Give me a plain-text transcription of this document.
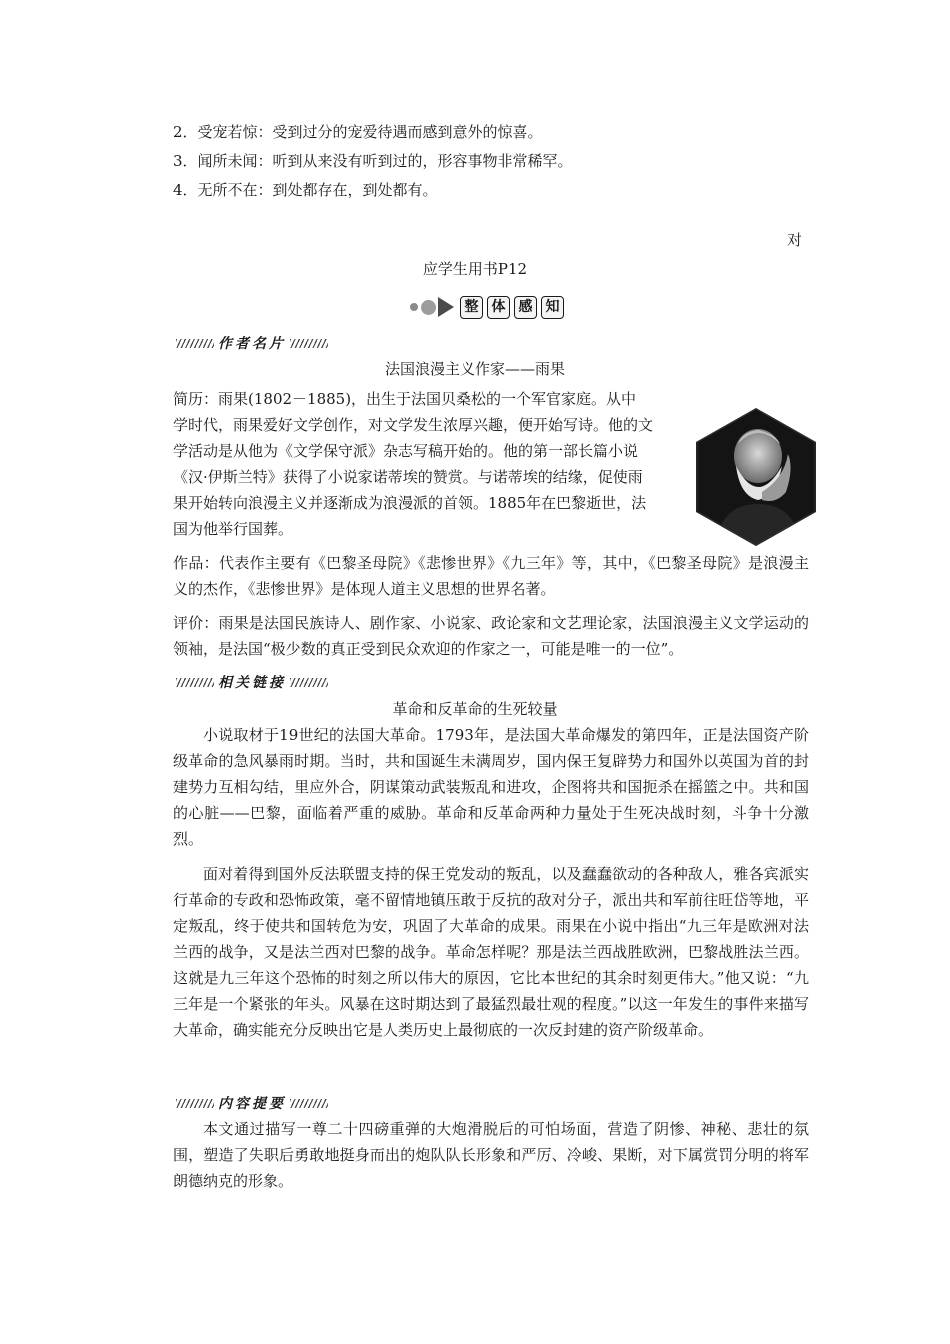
2．受宠若惊：受到过分的宠爱待遇而感到意外的惊喜。
3．闻所未闻：听到从来没有听到过的，形容事物非常稀罕。
4．无所不在：到处都存在，到处都有。
对
应学生用书P12
整 体 感 知
作者名片
法国浪漫主义作家——雨果
简历：雨果(1802－1885)，出生于法国贝桑松的一个军官家庭。从中
学时代，雨果爱好文学创作，对文学发生浓厚兴趣，便开始写诗。他的文
学活动是从他为《文学保守派》杂志写稿开始的。他的第一部长篇小说
《汉·伊斯兰特》获得了小说家诺蒂埃的赞赏。与诺蒂埃的结缘，促使雨
果开始转向浪漫主义并逐渐成为浪漫派的首领。1885年在巴黎逝世，法
国为他举行国葬。
作品：代表作主要有《巴黎圣母院》《悲惨世界》《九三年》等，其中，《巴黎圣母院》是浪漫主义的杰作，《悲惨世界》是体现人道主义思想的世界名著。
评价：雨果是法国民族诗人、剧作家、小说家、政论家和文艺理论家，法国浪漫主义文学运动的领袖，是法国“极少数的真正受到民众欢迎的作家之一，可能是唯一的一位”。
相关链接
革命和反革命的生死较量
小说取材于19世纪的法国大革命。1793年，是法国大革命爆发的第四年，正是法国资产阶级革命的急风暴雨时期。当时，共和国诞生未满周岁，国内保王复辟势力和国外以英国为首的封建势力互相勾结，里应外合，阴谋策动武装叛乱和进攻，企图将共和国扼杀在摇篮之中。共和国的心脏——巴黎，面临着严重的威胁。革命和反革命两种力量处于生死决战时刻，斗争十分激烈。
面对着得到国外反法联盟支持的保王党发动的叛乱，以及蠢蠢欲动的各种敌人，雅各宾派实行革命的专政和恐怖政策，毫不留情地镇压敢于反抗的敌对分子，派出共和军前往旺岱等地，平定叛乱，终于使共和国转危为安，巩固了大革命的成果。雨果在小说中指出“九三年是欧洲对法兰西的战争，又是法兰西对巴黎的战争。革命怎样呢？那是法兰西战胜欧洲，巴黎战胜法兰西。这就是九三年这个恐怖的时刻之所以伟大的原因，它比本世纪的其余时刻更伟大。”他又说：“九三年是一个紧张的年头。风暴在这时期达到了最猛烈最壮观的程度。”以这一年发生的事件来描写大革命，确实能充分反映出它是人类历史上最彻底的一次反封建的资产阶级革命。
内容提要
本文通过描写一尊二十四磅重弹的大炮滑脱后的可怕场面，营造了阴惨、神秘、悲壮的氛围，塑造了失职后勇敢地挺身而出的炮队队长形象和严厉、冷峻、果断，对下属赏罚分明的将军朗德纳克的形象。
